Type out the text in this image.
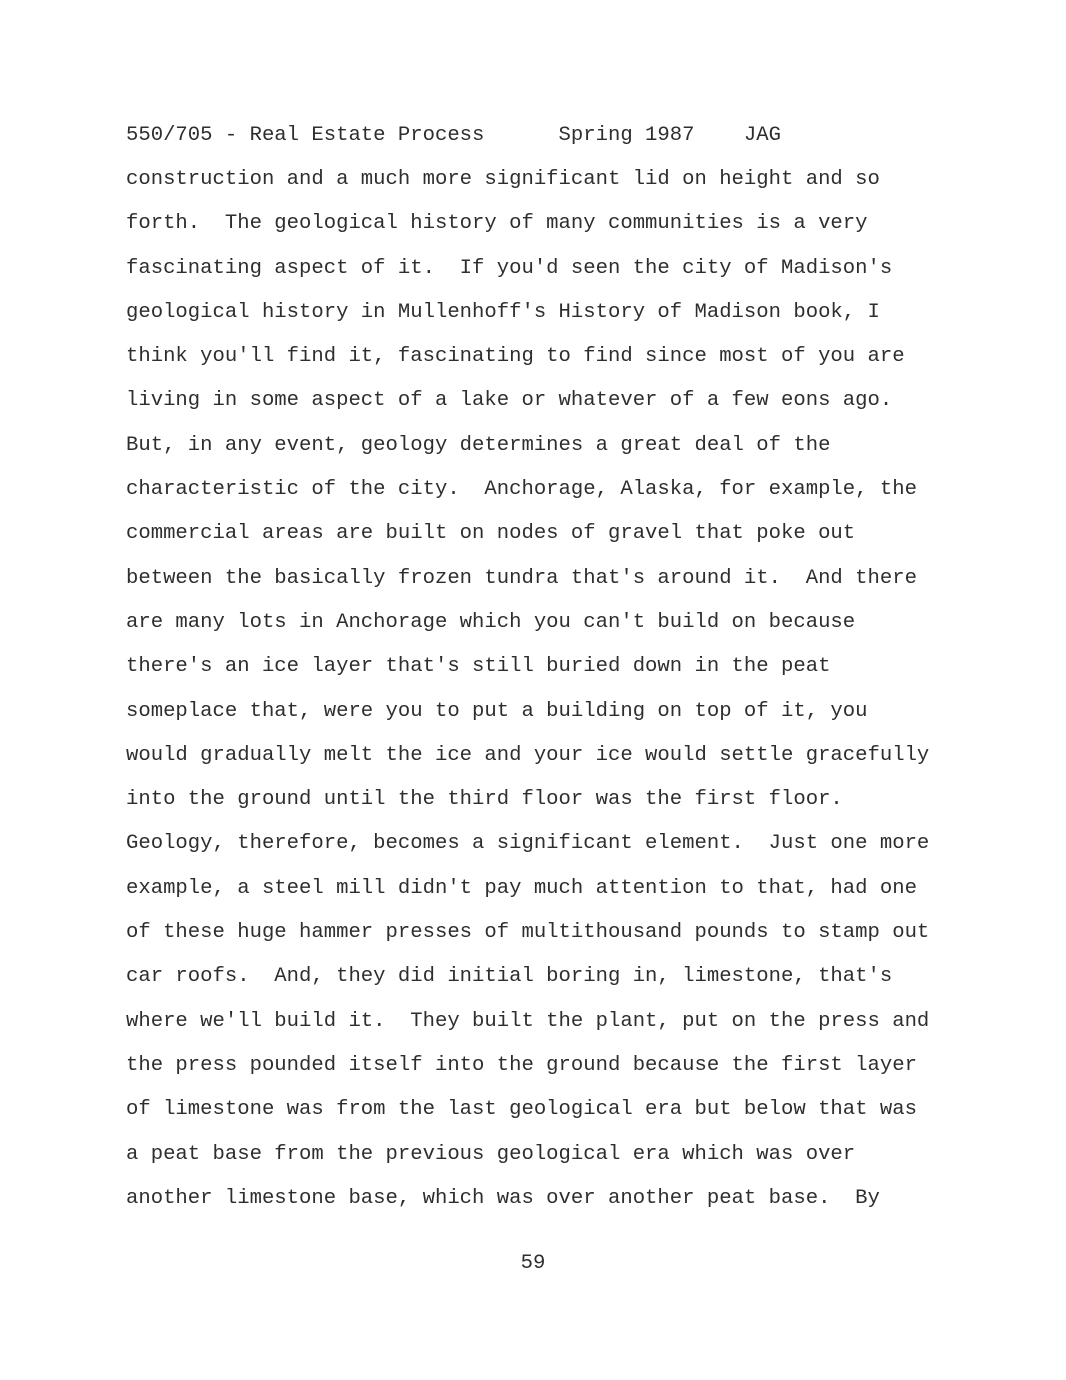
550/705 - Real Estate Process      Spring 1987    JAG
construction and a much more significant lid on height and so
forth.  The geological history of many communities is a very
fascinating aspect of it.  If you'd seen the city of Madison's
geological history in Mullenhoff's History of Madison book, I
think you'll find it, fascinating to find since most of you are
living in some aspect of a lake or whatever of a few eons ago.
But, in any event, geology determines a great deal of the
characteristic of the city.  Anchorage, Alaska, for example, the
commercial areas are built on nodes of gravel that poke out
between the basically frozen tundra that's around it.  And there
are many lots in Anchorage which you can't build on because
there's an ice layer that's still buried down in the peat
someplace that, were you to put a building on top of it, you
would gradually melt the ice and your ice would settle gracefully
into the ground until the third floor was the first floor.
Geology, therefore, becomes a significant element.  Just one more
example, a steel mill didn't pay much attention to that, had one
of these huge hammer presses of multithousand pounds to stamp out
car roofs.  And, they did initial boring in, limestone, that's
where we'll build it.  They built the plant, put on the press and
the press pounded itself into the ground because the first layer
of limestone was from the last geological era but below that was
a peat base from the previous geological era which was over
another limestone base, which was over another peat base.  By
59
